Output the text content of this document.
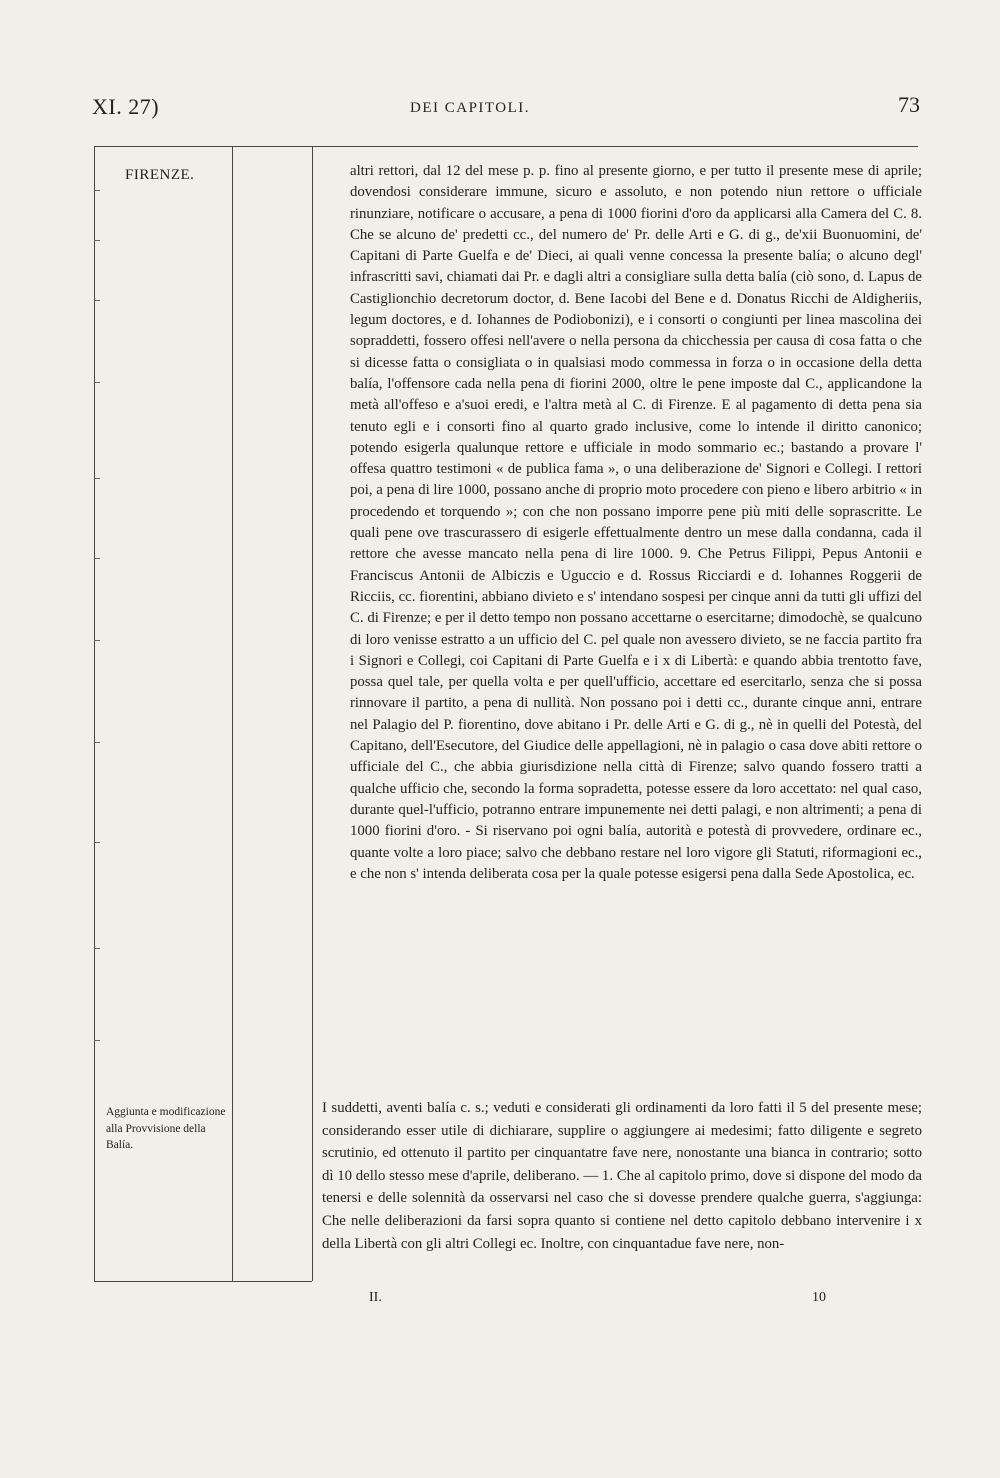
XI. 27)	DEI CAPITOLI.	73
FIRENZE.	altri rettori, dal 12 del mese p. p. fino al presente giorno, e per tutto il presente mese di aprile; dovendosi considerare immune, sicuro e assoluto, e non potendo niun rettore o ufficiale rinunziare, notificare o accusare, a pena di 1000 fiorini d'oro da applicarsi alla Camera del C. 8. Che se alcuno de' predetti cc., del numero de' Pr. delle Arti e G. di g., de'xii Buonuomini, de' Capitani di Parte Guelfa e de' Dieci, ai quali venne concessa la presente balía; o alcuno degl' infrascritti savi, chiamati dai Pr. e dagli altri a consigliare sulla detta balía (ciò sono, d. Lapus de Castiglionchio decretorum doctor, d. Bene Iacobi del Bene e d. Donatus Ricchi de Aldigheriis, legum doctores, e d. Iohannes de Podiobonizi), e i consorti o congiunti per linea mascolina dei sopraddetti, fossero offesi nell'avere o nella persona da chicchessia per causa di cosa fatta o che si dicesse fatta o consigliata o in qualsiasi modo commessa in forza o in occasione della detta balía, l'offensore cada nella pena di fiorini 2000, oltre le pene imposte dal C., applicandone la metà all'offeso e a'suoi eredi, e l'altra metà al C. di Firenze. E al pagamento di detta pena sia tenuto egli e i consorti fino al quarto grado inclusive, come lo intende il diritto canonico; potendo esigerla qualunque rettore e ufficiale in modo sommario ec.; bastando a provare l' offesa quattro testimoni « de publica fama », o una deliberazione de' Signori e Collegi. I rettori poi, a pena di lire 1000, possano anche di proprio moto procedere con pieno e libero arbitrio « in procedendo et torquendo »; con che non possano imporre pene più miti delle soprascritte. Le quali pene ove trascurassero di esigerle effettualmente dentro un mese dalla condanna, cada il rettore che avesse mancato nella pena di lire 1000. 9. Che Petrus Filippi, Pepus Antonii e Franciscus Antonii de Albiczis e Uguccio e d. Rossus Ricciardi e d. Iohannes Roggerii de Ricciis, cc. fiorentini, abbiano divieto e s' intendano sospesi per cinque anni da tutti gli uffizi del C. di Firenze; e per il detto tempo non possano accettarne o esercitarne; dimodochè, se qualcuno di loro venisse estratto a un ufficio del C. pel quale non avessero divieto, se ne faccia partito fra i Signori e Collegi, coi Capitani di Parte Guelfa e i x di Libertà: e quando abbia trentotto fave, possa quel tale, per quella volta e per quell'ufficio, accettare ed esercitarlo, senza che si possa rinnovare il partito, a pena di nullità. Non possano poi i detti cc., durante cinque anni, entrare nel Palagio del P. fiorentino, dove abitano i Pr. delle Arti e G. di g., nè in quelli del Potestà, del Capitano, dell'Esecutore, del Giudice delle appellagioni, nè in palagio o casa dove abiti rettore o ufficiale del C., che abbia giurisdizione nella città di Firenze; salvo quando fossero tratti a qualche ufficio che, secondo la forma sopradetta, potesse essere da loro accettato: nel qual caso, durante quel-l'ufficio, potranno entrare impunemente nei detti palagi, e non altrimenti; a pena di 1000 fiorini d'oro. - Si riservano poi ogni balía, autorità e potestà di provvedere, ordinare ec., quante volte a loro piace; salvo che debbano restare nel loro vigore gli Statuti, riformagioni ec., e che non s' intenda deliberata cosa per la quale potesse esigersi pena dalla Sede Apostolica, ec.

Aggiunta e modificazione alla Provvisione della Balía.

I suddetti, aventi balía c. s.; veduti e considerati gli ordinamenti da loro fatti il 5 del presente mese; considerando esser utile di dichiarare, supplire o aggiungere ai medesimi; fatto diligente e segreto scrutinio, ed ottenuto il partito per cinquantatre fave nere, nonostante una bianca in contrario; sotto dì 10 dello stesso mese d'aprile, deliberano. — 1. Che al capitolo primo, dove si dispone del modo da tenersi e delle solennità da osservarsi nel caso che si dovesse prendere qualche guerra, s'aggiunga: Che nelle deliberazioni da farsi sopra quanto si contiene nel detto capitolo debbano intervenire i x della Libertà con gli altri Collegi ec. Inoltre, con cinquantadue fave nere, non-

II.	10
